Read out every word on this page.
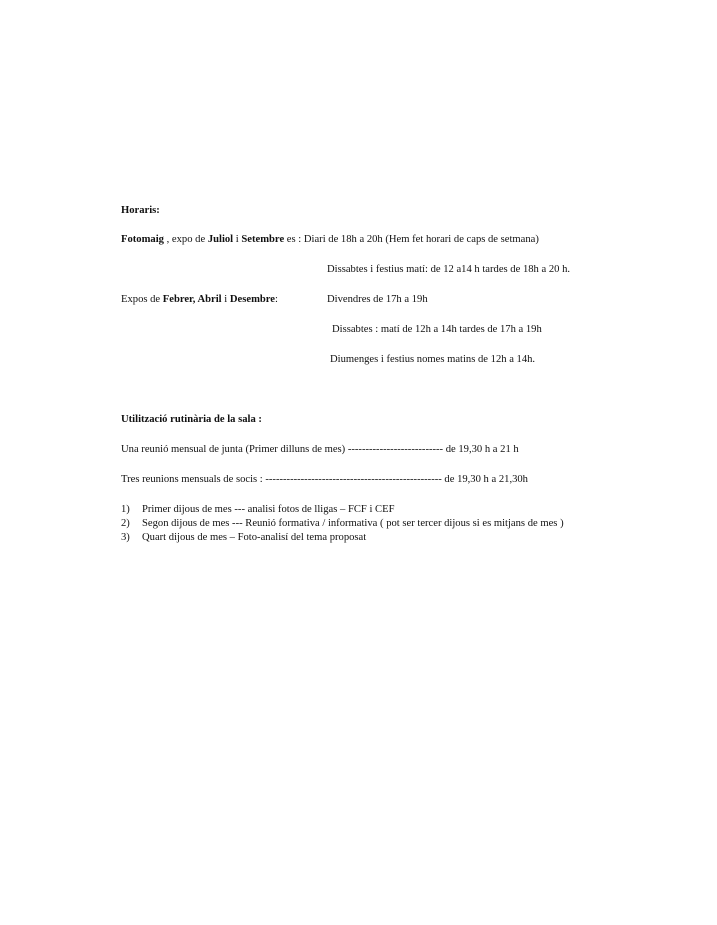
Horaris:
Fotomaig , expo de Juliol i Setembre es : Diari de 18h a 20h (Hem fet horari de caps de setmana)
Dissabtes i festius matí: de 12 a14 h tardes de 18h a 20 h.
Expos de Febrer, Abril i Desembre:	Divendres de 17h a 19h
Dissabtes : matí de 12h a 14h tardes de 17h a 19h
Diumenges i festius nomes matins de 12h a 14h.
Utilització rutinària de la sala :
Una reunió mensual de junta (Primer dilluns de mes) --------------------------- de 19,30 h a 21 h
Tres reunions mensuals de socis : -------------------------------------------------- de 19,30 h a 21,30h
1) Primer dijous de mes --- analisi fotos de lligas – FCF i CEF
2) Segon dijous de mes --- Reunió formativa / informativa ( pot ser tercer dijous si es mitjans de mes )
3) Quart dijous de mes – Foto-analisí del tema proposat
